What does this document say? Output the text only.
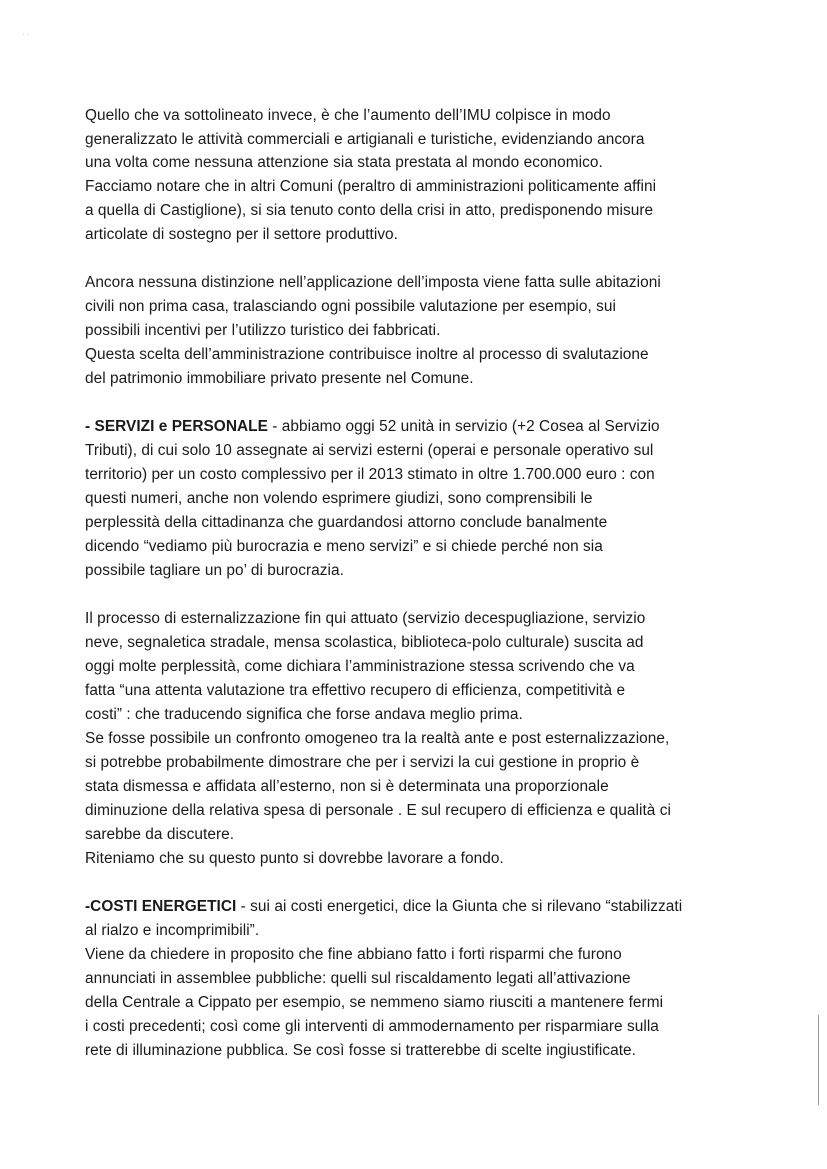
· ·
Quello che va sottolineato invece, è che l’aumento dell’IMU colpisce in modo
generalizzato le attività commerciali e artigianali e turistiche, evidenziando ancora
una volta come nessuna attenzione sia stata prestata al mondo economico.
Facciamo notare che in altri Comuni (peraltro di amministrazioni politicamente affini
a quella di Castiglione), si sia tenuto conto della crisi in atto, predisponendo misure
articolate di sostegno per il settore produttivo.
Ancora nessuna distinzione nell’applicazione dell’imposta viene fatta sulle abitazioni
civili non prima casa, tralasciando ogni possibile valutazione per esempio, sui
possibili incentivi per l’utilizzo turistico dei fabbricati.
Questa scelta dell’amministrazione contribuisce inoltre al processo di svalutazione
del patrimonio immobiliare privato presente nel Comune.
- SERVIZI e PERSONALE - abbiamo oggi 52 unità in servizio (+2 Cosea al Servizio
Tributi), di cui solo 10 assegnate ai servizi esterni (operai e personale operativo sul
territorio) per un costo complessivo per il 2013 stimato in oltre 1.700.000 euro : con
questi numeri, anche non volendo esprimere giudizi, sono comprensibili le
perplessità della cittadinanza che guardandosi attorno conclude banalmente
dicendo “vediamo più burocrazia e meno servizi” e si chiede perché non sia
possibile tagliare un po’ di burocrazia.
Il processo di esternalizzazione fin qui attuato (servizio decespugliazione, servizio
neve, segnaletica stradale, mensa scolastica, biblioteca-polo culturale) suscita ad
oggi molte perplessità, come dichiara l’amministrazione stessa scrivendo che va
fatta “una attenta valutazione tra effettivo recupero di efficienza, competitività e
costi” : che traducendo significa che forse andava meglio prima.
Se fosse possibile un confronto omogeneo tra la realtà ante e post esternalizzazione,
si potrebbe probabilmente dimostrare che per i servizi la cui gestione in proprio è
stata dismessa e affidata all’esterno, non si è determinata una proporzionale
diminuzione della relativa spesa di personale . E sul recupero di efficienza e qualità ci
sarebbe da discutere.
Riteniamo che su questo punto si dovrebbe lavorare a fondo.
-COSTI ENERGETICI - sui ai costi energetici, dice la Giunta che si rilevano “stabilizzati
al rialzo e incomprimibili”.
Viene da chiedere in proposito che fine abbiano fatto i forti risparmi che furono
annunciati in assemblee pubbliche: quelli sul riscaldamento legati all’attivazione
della Centrale a Cippato per esempio, se nemmeno siamo riusciti a mantenere fermi
i costi precedenti; così come gli interventi di ammodernamento per risparmiare sulla
rete di illuminazione pubblica. Se così fosse si tratterebbe di scelte ingiustificate.
